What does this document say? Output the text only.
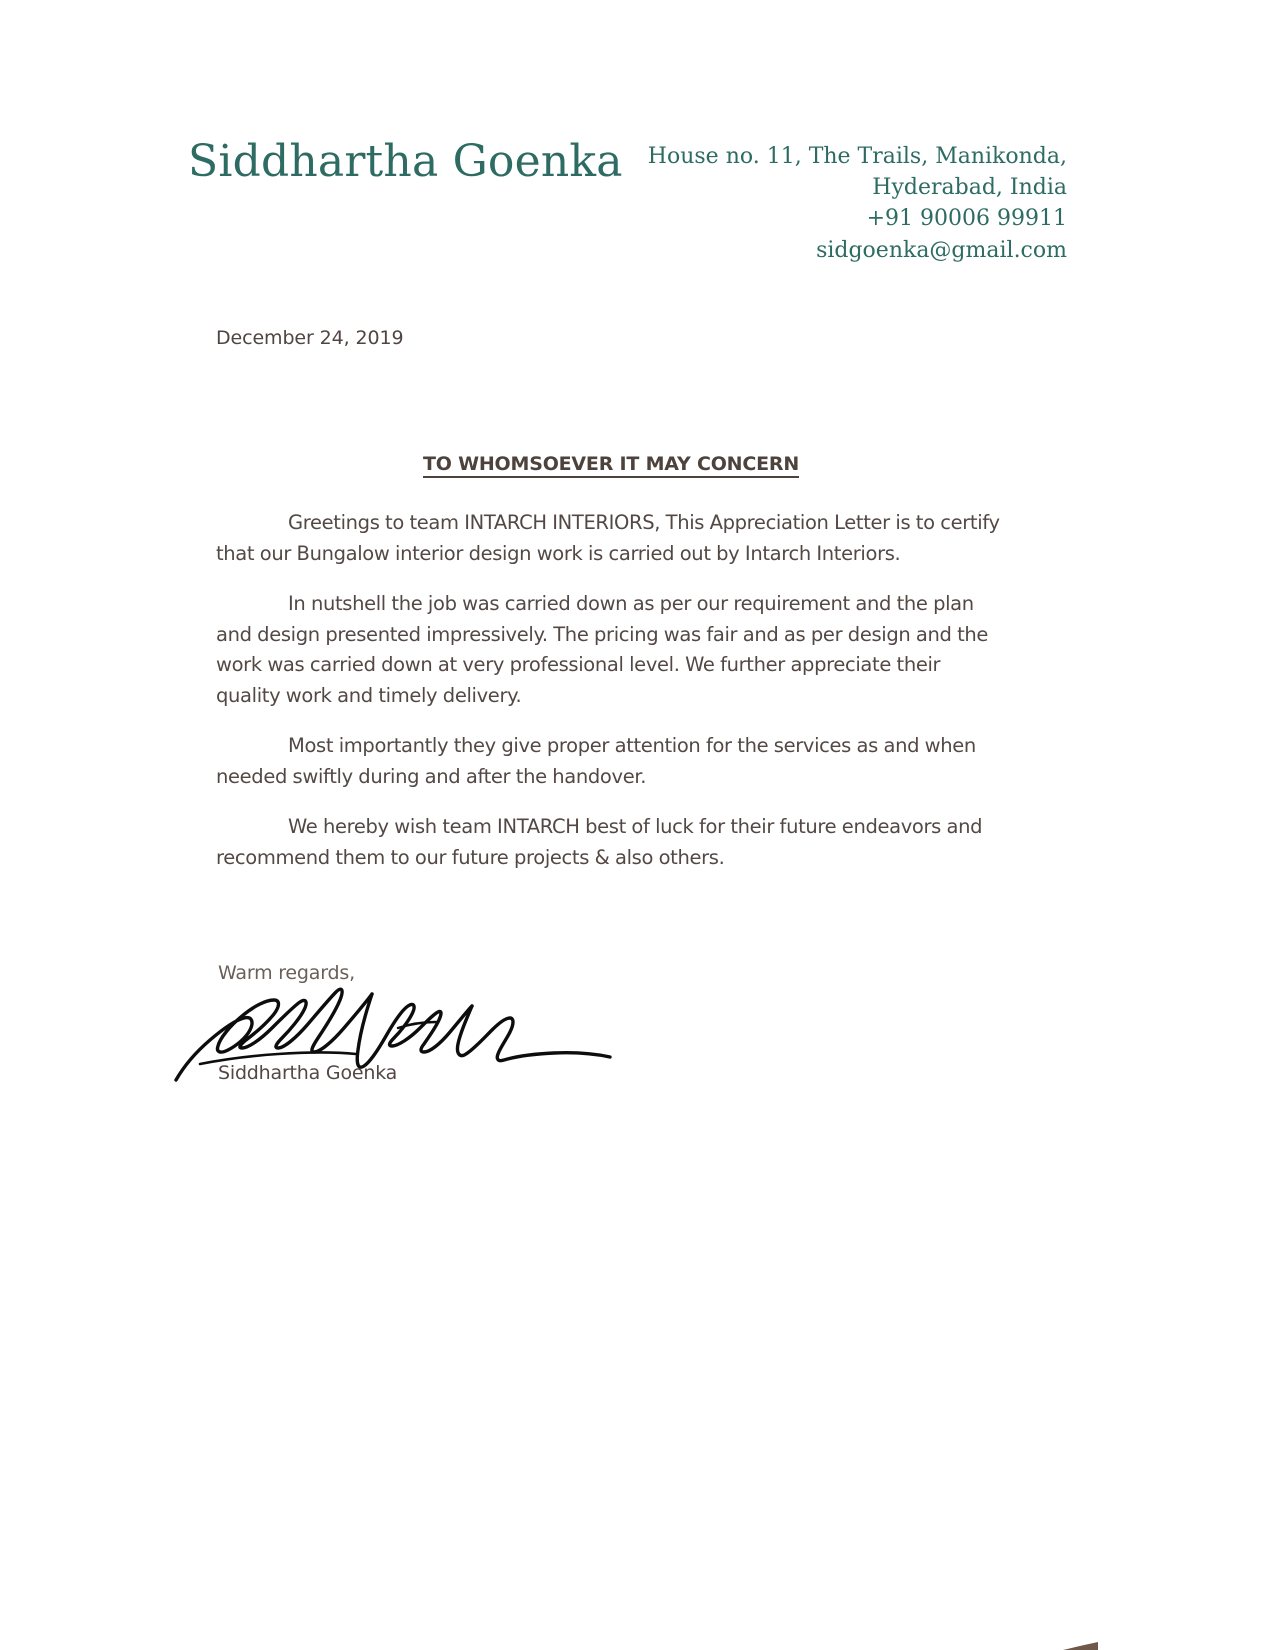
Siddhartha Goenka	House no. 11, The Trails, Manikonda,
Hyderabad, India
+91 90006 99911
sidgoenka@gmail.com
December 24, 2019
TO WHOMSOEVER IT MAY CONCERN

Greetings to team INTARCH INTERIORS, This Appreciation Letter is to certify that our Bungalow interior design work is carried out by Intarch Interiors.

In nutshell the job was carried down as per our requirement and the plan and design presented impressively. The pricing was fair and as per design and the work was carried down at very professional level. We further appreciate their quality work and timely delivery.

Most importantly they give proper attention for the services as and when needed swiftly during and after the handover.

We hereby wish team INTARCH best of luck for their future endeavors and recommend them to our future projects & also others.

Warm regards,
Siddhartha Goenka
